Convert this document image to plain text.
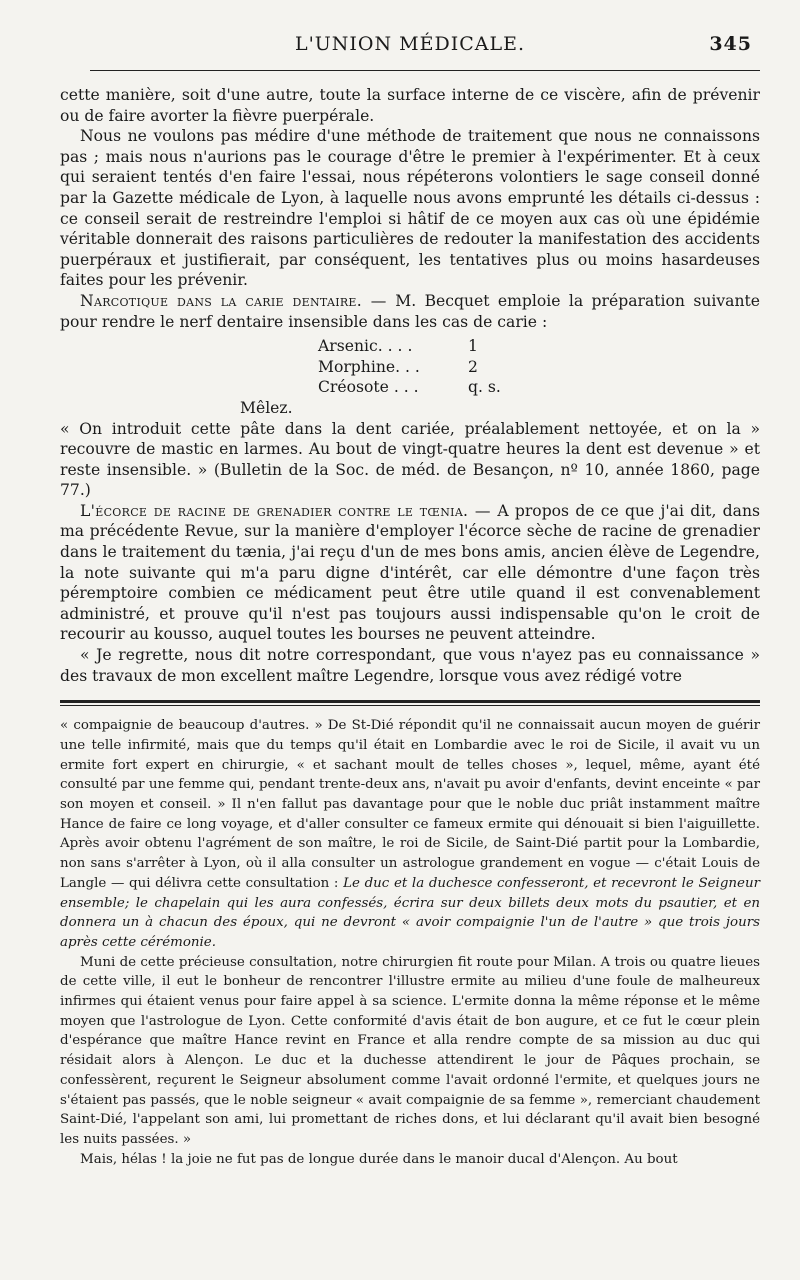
L'UNION MÉDICALE.	345

cette manière, soit d'une autre, toute la surface interne de ce viscère, afin de prévenir ou de faire avorter la fièvre puerpérale.

Nous ne voulons pas médire d'une méthode de traitement que nous ne connaissons pas ; mais nous n'aurions pas le courage d'être le premier à l'expérimenter. Et à ceux qui seraient tentés d'en faire l'essai, nous répéterons volontiers le sage conseil donné par la Gazette médicale de Lyon, à laquelle nous avons emprunté les détails ci-dessus : ce conseil serait de restreindre l'emploi si hâtif de ce moyen aux cas où une épidémie véritable donnerait des raisons particulières de redouter la manifestation des accidents puerpéraux et justifierait, par conséquent, les tentatives plus ou moins hasardeuses faites pour les prévenir.

Narcotique dans la carie dentaire. — M. Becquet emploie la préparation suivante pour rendre le nerf dentaire insensible dans les cas de carie :

Arsenic. . . .	1
Morphine. . .	2
Créosote . . .	q. s.
Mêlez.

« On introduit cette pâte dans la dent cariée, préalablement nettoyée, et on la » recouvre de mastic en larmes. Au bout de vingt-quatre heures la dent est devenue » et reste insensible. » (Bulletin de la Soc. de méd. de Besançon, nº 10, année 1860, page 77.)

L'écorce de racine de grenadier contre le tœnia. — A propos de ce que j'ai dit, dans ma précédente Revue, sur la manière d'employer l'écorce sèche de racine de grenadier dans le traitement du tænia, j'ai reçu d'un de mes bons amis, ancien élève de Legendre, la note suivante qui m'a paru digne d'intérêt, car elle démontre d'une façon très péremptoire combien ce médicament peut être utile quand il est convenablement administré, et prouve qu'il n'est pas toujours aussi indispensable qu'on le croit de recourir au kousso, auquel toutes les bourses ne peuvent atteindre.

« Je regrette, nous dit notre correspondant, que vous n'ayez pas eu connaissance » des travaux de mon excellent maître Legendre, lorsque vous avez rédigé votre

« compaignie de beaucoup d'autres. » De St-Dié répondit qu'il ne connaissait aucun moyen de guérir une telle infirmité, mais que du temps qu'il était en Lombardie avec le roi de Sicile, il avait vu un ermite fort expert en chirurgie, « et sachant moult de telles choses », lequel, même, ayant été consulté par une femme qui, pendant trente-deux ans, n'avait pu avoir d'enfants, devint enceinte « par son moyen et conseil. » Il n'en fallut pas davantage pour que le noble duc priât instamment maître Hance de faire ce long voyage, et d'aller consulter ce fameux ermite qui dénouait si bien l'aiguillette. Après avoir obtenu l'agrément de son maître, le roi de Sicile, de Saint-Dié partit pour la Lombardie, non sans s'arrêter à Lyon, où il alla consulter un astrologue grandement en vogue — c'était Louis de Langle — qui délivra cette consultation : Le duc et la duchesce confesseront, et recevront le Seigneur ensemble; le chapelain qui les aura confessés, écrira sur deux billets deux mots du psautier, et en donnera un à chacun des époux, qui ne devront « avoir compaignie l'un de l'autre » que trois jours après cette cérémonie.

Muni de cette précieuse consultation, notre chirurgien fit route pour Milan. A trois ou quatre lieues de cette ville, il eut le bonheur de rencontrer l'illustre ermite au milieu d'une foule de malheureux infirmes qui étaient venus pour faire appel à sa science. L'ermite donna la même réponse et le même moyen que l'astrologue de Lyon. Cette conformité d'avis était de bon augure, et ce fut le cœur plein d'espérance que maître Hance revint en France et alla rendre compte de sa mission au duc qui résidait alors à Alençon. Le duc et la duchesse attendirent le jour de Pâques prochain, se confessèrent, reçurent le Seigneur absolument comme l'avait ordonné l'ermite, et quelques jours ne s'étaient pas passés, que le noble seigneur « avait compaignie de sa femme », remerciant chaudement Saint-Dié, l'appelant son ami, lui promettant de riches dons, et lui déclarant qu'il avait bien besogné les nuits passées. »

Mais, hélas ! la joie ne fut pas de longue durée dans le manoir ducal d'Alençon. Au bout
